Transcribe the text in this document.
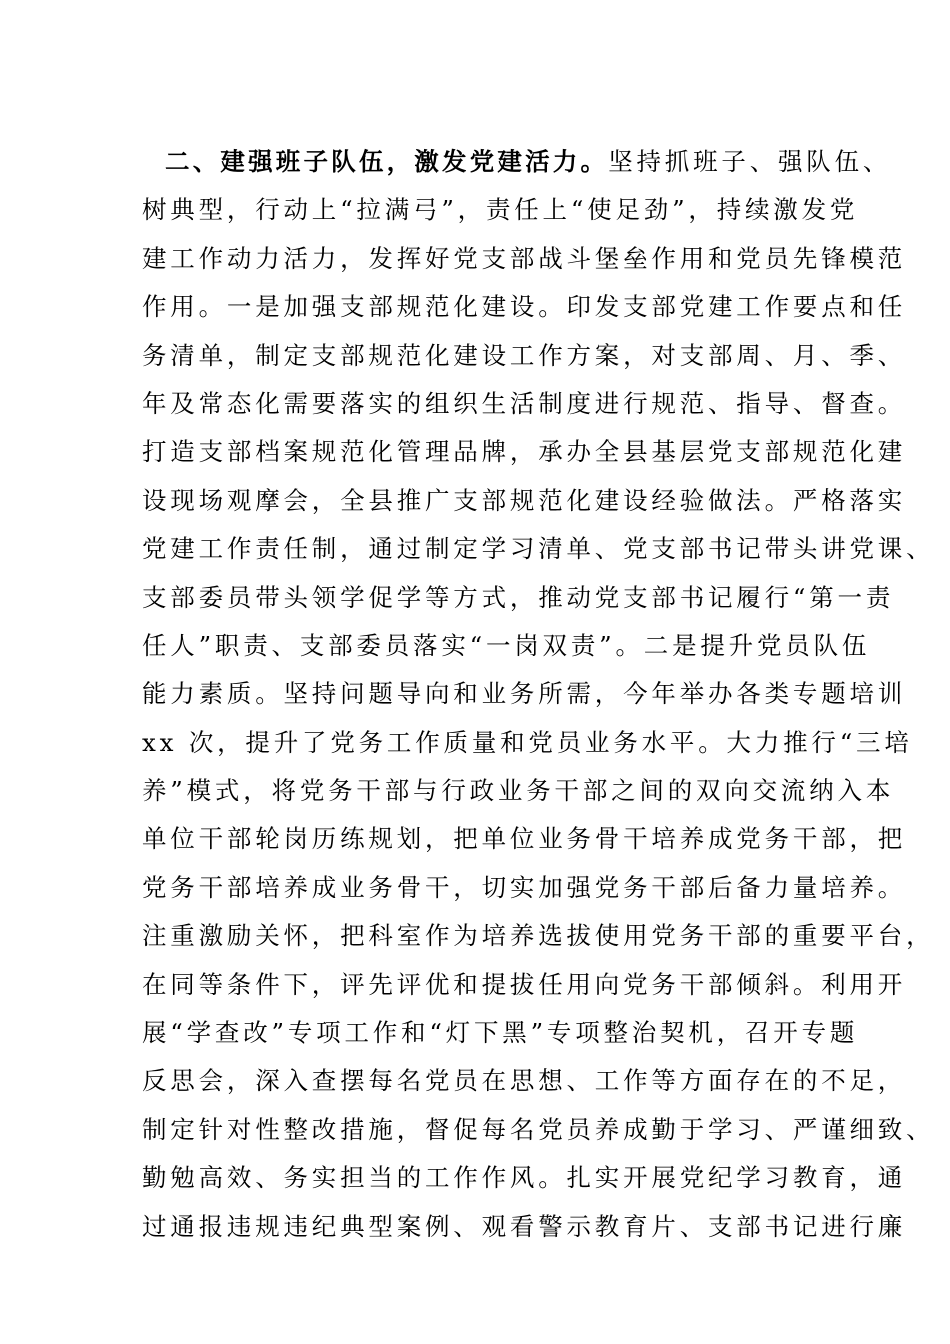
二、建强班子队伍，激发党建活力。坚持抓班子、强队伍、
树典型，行动上“拉满弓”，责任上“使足劲”，持续激发党
建工作动力活力，发挥好党支部战斗堡垒作用和党员先锋模范
作用。一是加强支部规范化建设。印发支部党建工作要点和任
务清单，制定支部规范化建设工作方案，对支部周、月、季、
年及常态化需要落实的组织生活制度进行规范、指导、督查。
打造支部档案规范化管理品牌，承办全县基层党支部规范化建
设现场观摩会，全县推广支部规范化建设经验做法。严格落实
党建工作责任制，通过制定学习清单、党支部书记带头讲党课、
支部委员带头领学促学等方式，推动党支部书记履行“第一责
任人”职责、支部委员落实“一岗双责”。二是提升党员队伍
能力素质。坚持问题导向和业务所需，今年举办各类专题培训
xx 次，提升了党务工作质量和党员业务水平。大力推行“三培
养”模式，将党务干部与行政业务干部之间的双向交流纳入本
单位干部轮岗历练规划，把单位业务骨干培养成党务干部，把
党务干部培养成业务骨干，切实加强党务干部后备力量培养。
注重激励关怀，把科室作为培养选拔使用党务干部的重要平台，
在同等条件下，评先评优和提拔任用向党务干部倾斜。利用开
展“学查改”专项工作和“灯下黑”专项整治契机，召开专题
反思会，深入查摆每名党员在思想、工作等方面存在的不足，
制定针对性整改措施，督促每名党员养成勤于学习、严谨细致、
勤勉高效、务实担当的工作作风。扎实开展党纪学习教育，通
过通报违规违纪典型案例、观看警示教育片、支部书记进行廉
